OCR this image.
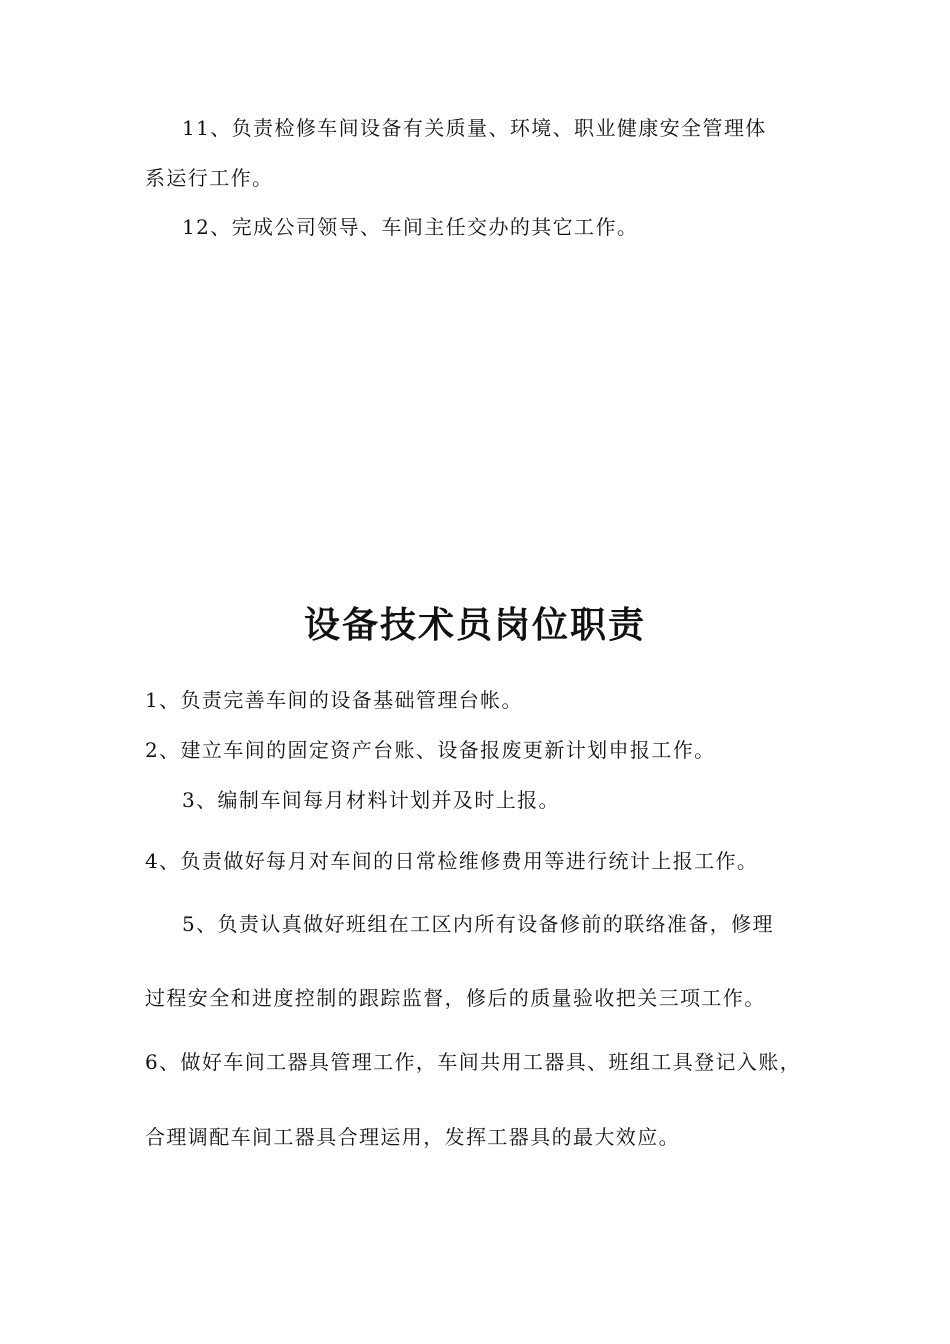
11、负责检修车间设备有关质量、环境、职业健康安全管理体
系运行工作。
12、完成公司领导、车间主任交办的其它工作。
设备技术员岗位职责
1、负责完善车间的设备基础管理台帐。
2、建立车间的固定资产台账、设备报废更新计划申报工作。
3、编制车间每月材料计划并及时上报。
4、负责做好每月对车间的日常检维修费用等进行统计上报工作。
5、负责认真做好班组在工区内所有设备修前的联络准备，修理
过程安全和进度控制的跟踪监督，修后的质量验收把关三项工作。
6、做好车间工器具管理工作，车间共用工器具、班组工具登记入账，
合理调配车间工器具合理运用，发挥工器具的最大效应。
